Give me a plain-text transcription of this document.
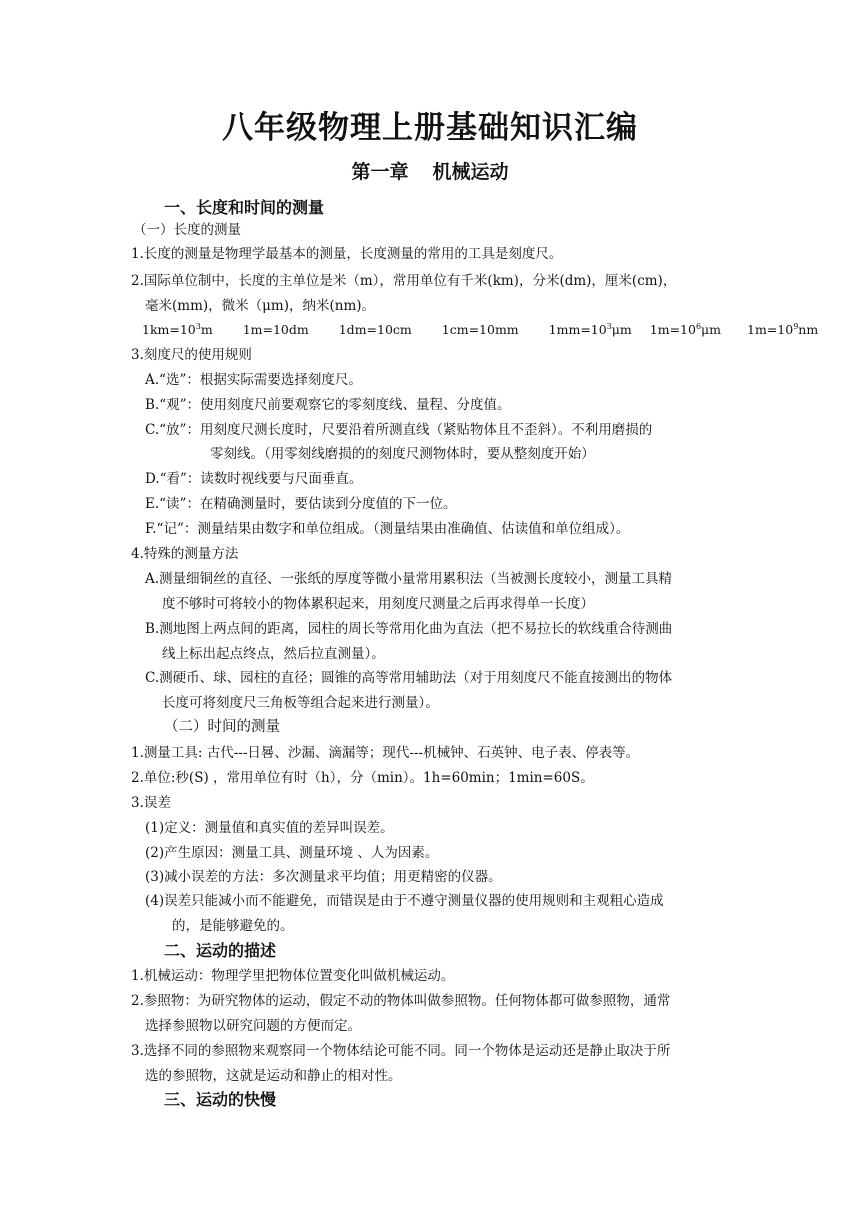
八年级物理上册基础知识汇编
第一章 机械运动
一、长度和时间的测量
（一）长度的测量
1.长度的测量是物理学最基本的测量，长度测量的常用的工具是刻度尺。
2.国际单位制中，长度的主单位是米（m），常用单位有千米(km)，分米(dm)，厘米(cm)，
毫米(mm)，微米（μm)，纳米(nm)。
$1km=10^3m$ 1m=10dm 1dm=10cm 1cm=10mm $1mm=10^3\mu m$ $1m=10^6\mu m$ $1m=10^9nm$
3.刻度尺的使用规则
A.“选”：根据实际需要选择刻度尺。
B.“观”：使用刻度尺前要观察它的零刻度线、量程、分度值。
C.“放”：用刻度尺测长度时，尺要沿着所测直线（紧贴物体且不歪斜）。不利用磨损的
零刻线。（用零刻线磨损的的刻度尺测物体时，要从整刻度开始）
D.“看”：读数时视线要与尺面垂直。
E.“读”：在精确测量时，要估读到分度值的下一位。
F.“记”：测量结果由数字和单位组成。（测量结果由准确值、估读值和单位组成）。
4.特殊的测量方法
A.测量细铜丝的直径、一张纸的厚度等微小量常用累积法（当被测长度较小，测量工具精
度不够时可将较小的物体累积起来，用刻度尺测量之后再求得单一长度）
B.测地图上两点间的距离，园柱的周长等常用化曲为直法（把不易拉长的软线重合待测曲
线上标出起点终点，然后拉直测量）。
C.测硬币、球、园柱的直径；圆锥的高等常用辅助法（对于用刻度尺不能直接测出的物体
长度可将刻度尺三角板等组合起来进行测量）。
（二）时间的测量
1.测量工具: 古代---日晷、沙漏、滴漏等；现代---机械钟、石英钟、电子表、停表等。
2.单位:秒(S) ，常用单位有时（h），分（min）。1h=60min；1min=60S。
3.误差
(1)定义：测量值和真实值的差异叫误差。
(2)产生原因：测量工具、测量环境 、人为因素。
(3)减小误差的方法：多次测量求平均值；用更精密的仪器。
(4)误差只能减小而不能避免，而错误是由于不遵守测量仪器的使用规则和主观粗心造成
的，是能够避免的。
二、运动的描述
1.机械运动：物理学里把物体位置变化叫做机械运动。
2.参照物：为研究物体的运动，假定不动的物体叫做参照物。任何物体都可做参照物，通常
选择参照物以研究问题的方便而定。
3.选择不同的参照物来观察同一个物体结论可能不同。同一个物体是运动还是静止取决于所
选的参照物，这就是运动和静止的相对性。
三、运动的快慢
